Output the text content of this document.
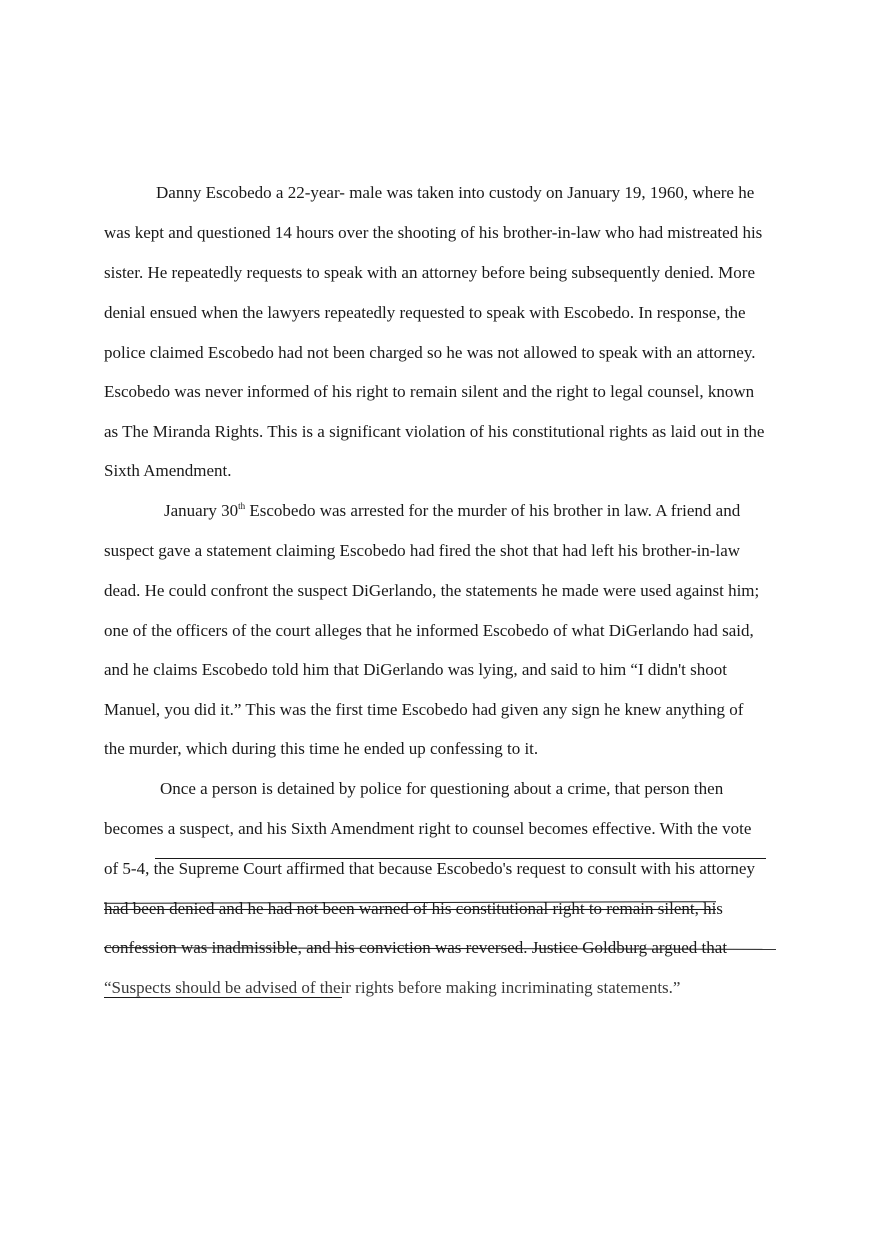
Danny Escobedo a 22-year- male was taken into custody on January 19, 1960, where he
was kept and questioned 14 hours over the shooting of his brother-in-law who had mistreated his
sister. He repeatedly requests to speak with an attorney before being subsequently denied. More
denial ensued when the lawyers repeatedly requested to speak with Escobedo. In response, the
police claimed Escobedo had not been charged so he was not allowed to speak with an attorney.
Escobedo was never informed of his right to remain silent and the right to legal counsel, known
as The Miranda Rights. This is a significant violation of his constitutional rights as laid out in the
Sixth Amendment.
January 30th Escobedo was arrested for the murder of his brother in law. A friend and
suspect gave a statement claiming Escobedo had fired the shot that had left his brother-in-law
dead. He could confront the suspect DiGerlando, the statements he made were used against him;
one of the officers of the court alleges that he informed Escobedo of what DiGerlando had said,
and he claims Escobedo told him that DiGerlando was lying, and said to him “I didn't shoot
Manuel, you did it.” This was the first time Escobedo had given any sign he knew anything of
the murder, which during this time he ended up confessing to it.
Once a person is detained by police for questioning about a crime, that person then
becomes a suspect, and his Sixth Amendment right to counsel becomes effective. With the vote
of 5-4, the Supreme Court affirmed that because Escobedo's request to consult with his attorney
had been denied and he had not been warned of his constitutional right to remain silent, his
confession was inadmissible, and his conviction was reversed. Justice Goldburg argued that
“Suspects should be advised of their rights before making incriminating statements.”
